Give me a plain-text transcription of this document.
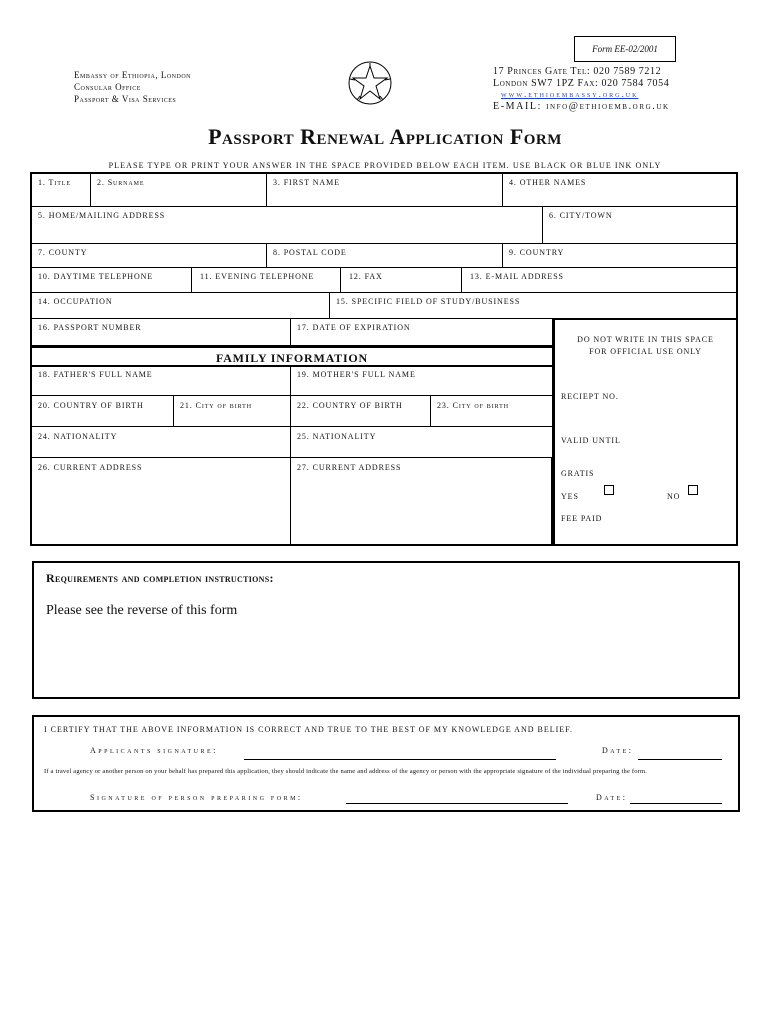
Form EE-02/2001
Embassy of Ethiopia, London
Consular Office
Passport & Visa Services
17 Princes Gate Tel: 020 7589 7212
London SW7 1PZ Fax: 020 7584 7054
www.ethioembassy.org.uk
E-MAIL: info@ethioemb.org.uk
Passport Renewal Application Form
PLEASE TYPE OR PRINT YOUR ANSWER IN THE SPACE PROVIDED BELOW EACH ITEM. USE BLACK OR BLUE INK ONLY
1. Title	2. Surname	3. FIRST NAME	4. OTHER NAMES
5. HOME/MAILING ADDRESS	6. CITY/TOWN
7. COUNTY	8. POSTAL CODE	9. COUNTRY
10. DAYTIME TELEPHONE	11. EVENING TELEPHONE	12. FAX	13. E-MAIL ADDRESS
14. OCCUPATION	15. SPECIFIC FIELD OF STUDY/BUSINESS
16. PASSPORT NUMBER	17. DATE OF EXPIRATION
FAMILY INFORMATION
18. FATHER'S FULL NAME	19. MOTHER'S FULL NAME
20. COUNTRY OF BIRTH	21. City of birth	22. COUNTRY OF BIRTH	23. City of birth
24. NATIONALITY	25. NATIONALITY
26. CURRENT ADDRESS	27. CURRENT ADDRESS
DO NOT WRITE IN THIS SPACE
FOR OFFICIAL USE ONLY
RECIEPT NO.
VALID UNTIL
GRATIS
YES	NO
FEE PAID
Requirements and completion instructions:
Please see the reverse of this form
I CERTIFY THAT THE ABOVE INFORMATION IS CORRECT AND TRUE TO THE BEST OF MY KNOWLEDGE AND BELIEF.
Applicants signature:	Date:
If a travel agency or another person on your behalf has prepared this application, they should indicate the name and address of the agency or person with the appropriate signature of the individual preparing the form.
Signature of person preparing form:	Date:
